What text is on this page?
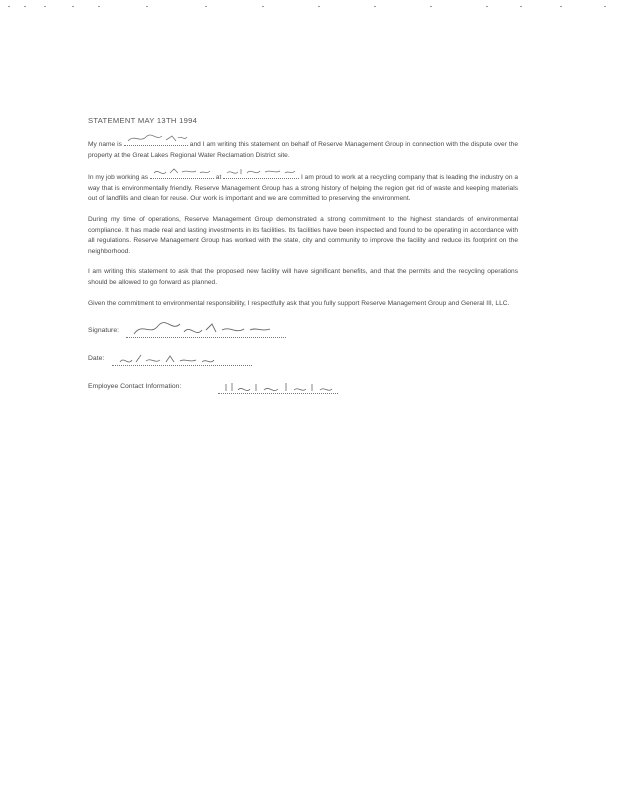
STATEMENT MAY 13TH 1994

My name is	and I am writing this statement on behalf of Reserve Management Group in connection with the dispute over the property at the Great Lakes Regional Water Reclamation District site.

In my job working as	at	I am proud to work at a recycling company that is leading the industry on a way that is environmentally friendly. Reserve Management Group has a strong history of helping the region get rid of waste and keeping materials out of landfills and clean for reuse. Our work is important and we are committed to preserving the environment.

During my time of operations, Reserve Management Group demonstrated a strong commitment to the highest standards of environmental compliance. It has made real and lasting investments in its facilities. Its facilities have been inspected and found to be operating in accordance with all regulations. Reserve Management Group has worked with the state, city and community to improve the facility and reduce its footprint on the neighborhood.

I am writing this statement to ask that the proposed new facility will have significant benefits, and that the permits and the recycling operations should be allowed to go forward as planned.

Given the commitment to environmental responsibility, I respectfully ask that you fully support Reserve Management Group and General III, LLC.

Signature:
Date:
Employee Contact Information:
